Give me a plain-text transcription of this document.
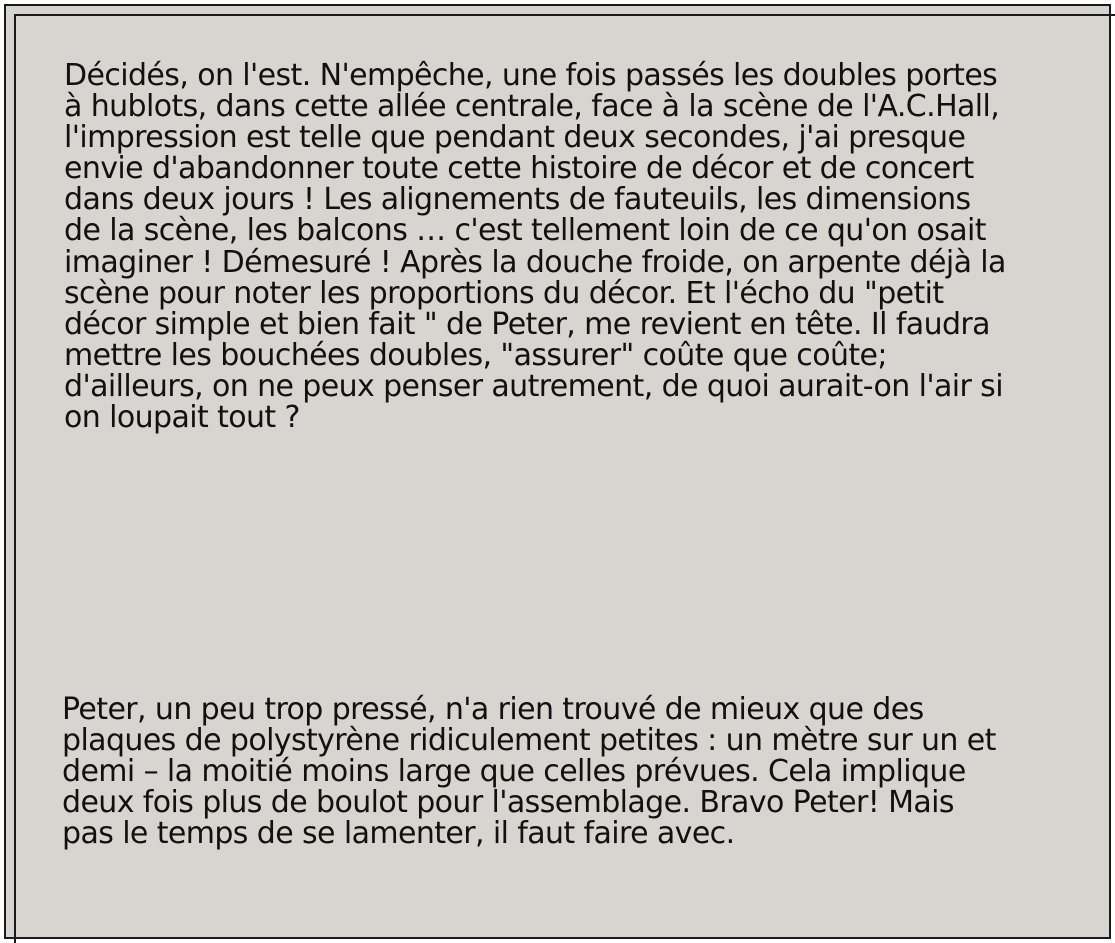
Décidés, on l'est. N'empêche, une fois passés les doubles portes à hublots, dans cette allée centrale, face à la scène de l'A.C.Hall, l'impression est telle que pendant deux secondes, j'ai presque envie d'abandonner toute cette histoire de décor et de concert dans deux jours ! Les alignements de fauteuils, les dimensions de la scène, les balcons … c'est tellement loin de ce qu'on osait imaginer ! Démesuré ! Après la douche froide, on arpente déjà la scène pour noter les proportions du décor. Et l'écho du "petit décor simple et bien fait " de Peter, me revient en tête. Il faudra mettre les bouchées doubles, "assurer" coûte que coûte; d'ailleurs, on ne peux penser autrement, de quoi aurait-on l'air si on loupait tout ?

Peter, un peu trop pressé, n'a rien trouvé de mieux que des plaques de polystyrène ridiculement petites : un mètre sur un et demi – la moitié moins large que celles prévues. Cela implique deux fois plus de boulot pour l'assemblage. Bravo Peter! Mais pas le temps de se lamenter, il faut faire avec.
